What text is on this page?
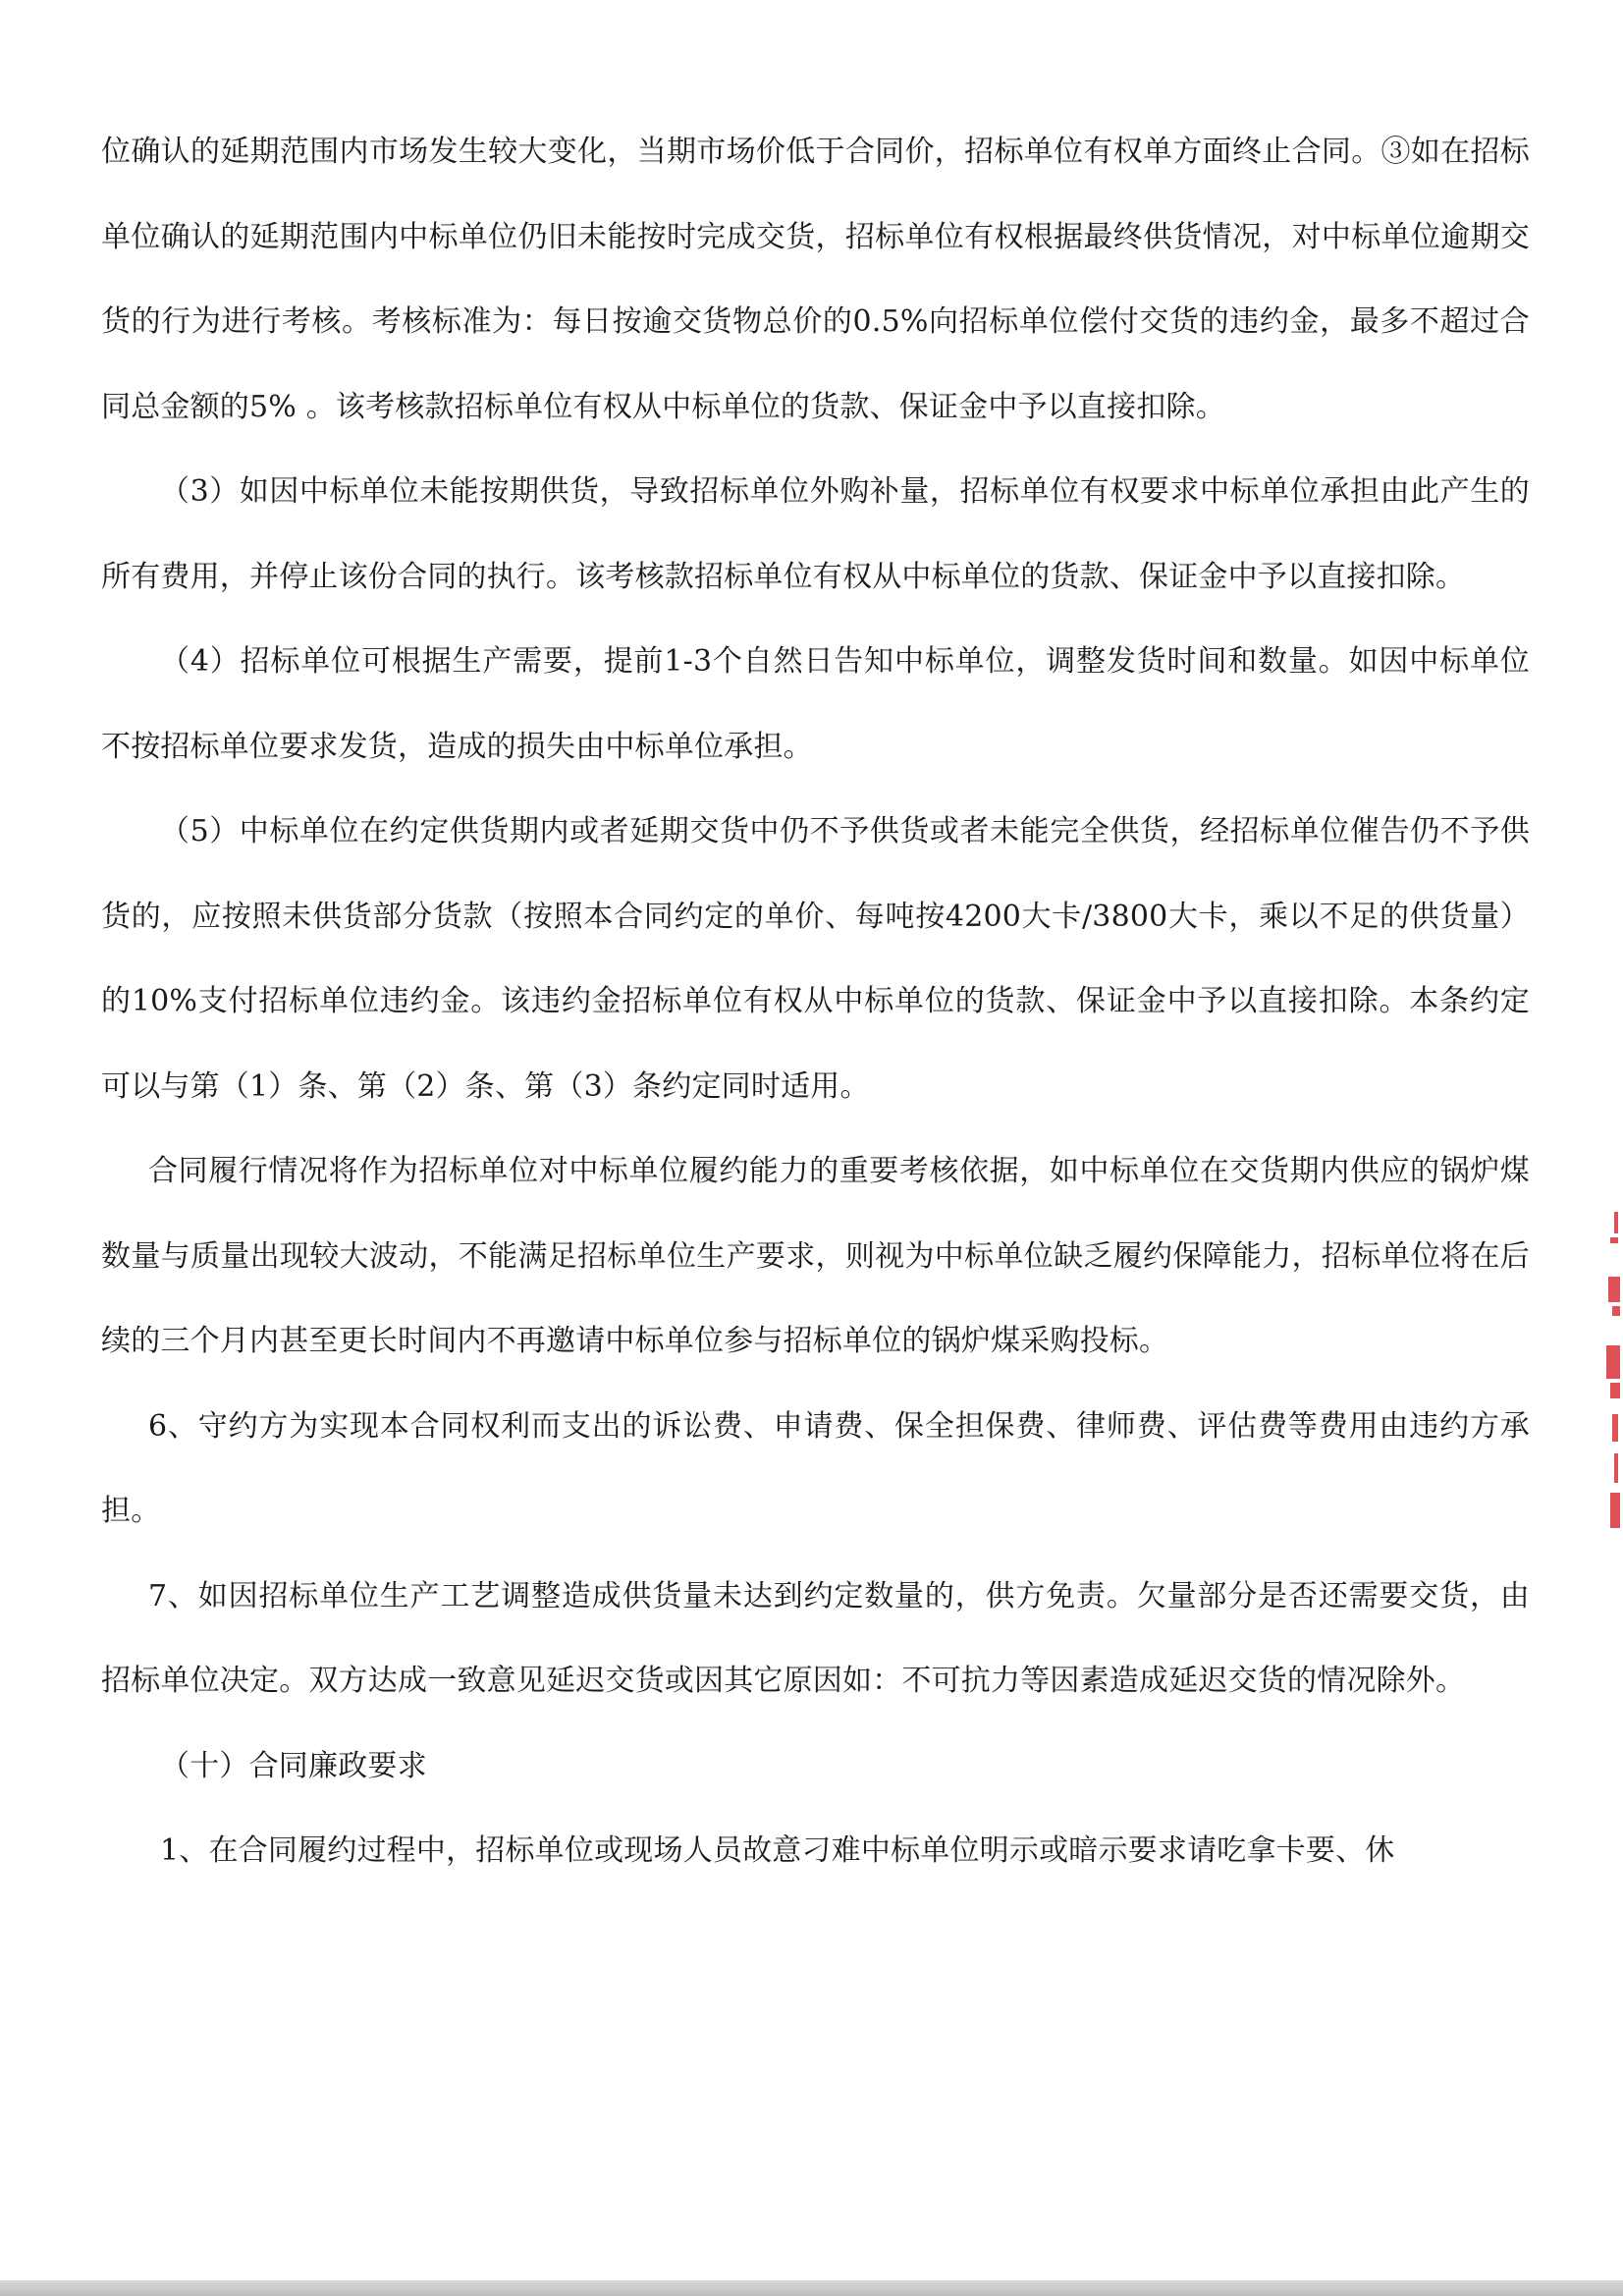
位确认的延期范围内市场发生较大变化，当期市场价低于合同价，招标单位有权单方面终止合同。③如在招标单位确认的延期范围内中标单位仍旧未能按时完成交货，招标单位有权根据最终供货情况，对中标单位逾期交货的行为进行考核。考核标准为：每日按逾交货物总价的0.5%向招标单位偿付交货的违约金，最多不超过合同总金额的5% 。该考核款招标单位有权从中标单位的货款、保证金中予以直接扣除。

（3）如因中标单位未能按期供货，导致招标单位外购补量，招标单位有权要求中标单位承担由此产生的所有费用，并停止该份合同的执行。该考核款招标单位有权从中标单位的货款、保证金中予以直接扣除。

（4）招标单位可根据生产需要，提前1-3个自然日告知中标单位，调整发货时间和数量。如因中标单位不按招标单位要求发货，造成的损失由中标单位承担。

（5）中标单位在约定供货期内或者延期交货中仍不予供货或者未能完全供货，经招标单位催告仍不予供货的，应按照未供货部分货款（按照本合同约定的单价、每吨按4200大卡/3800大卡，乘以不足的供货量）的10%支付招标单位违约金。该违约金招标单位有权从中标单位的货款、保证金中予以直接扣除。本条约定可以与第（1）条、第（2）条、第（3）条约定同时适用。

合同履行情况将作为招标单位对中标单位履约能力的重要考核依据，如中标单位在交货期内供应的锅炉煤数量与质量出现较大波动，不能满足招标单位生产要求，则视为中标单位缺乏履约保障能力，招标单位将在后续的三个月内甚至更长时间内不再邀请中标单位参与招标单位的锅炉煤采购投标。

6、守约方为实现本合同权利而支出的诉讼费、申请费、保全担保费、律师费、评估费等费用由违约方承担。

7、如因招标单位生产工艺调整造成供货量未达到约定数量的，供方免责。欠量部分是否还需要交货，由招标单位决定。双方达成一致意见延迟交货或因其它原因如：不可抗力等因素造成延迟交货的情况除外。

（十）合同廉政要求

1、在合同履约过程中，招标单位或现场人员故意刁难中标单位明示或暗示要求请吃拿卡要、休
